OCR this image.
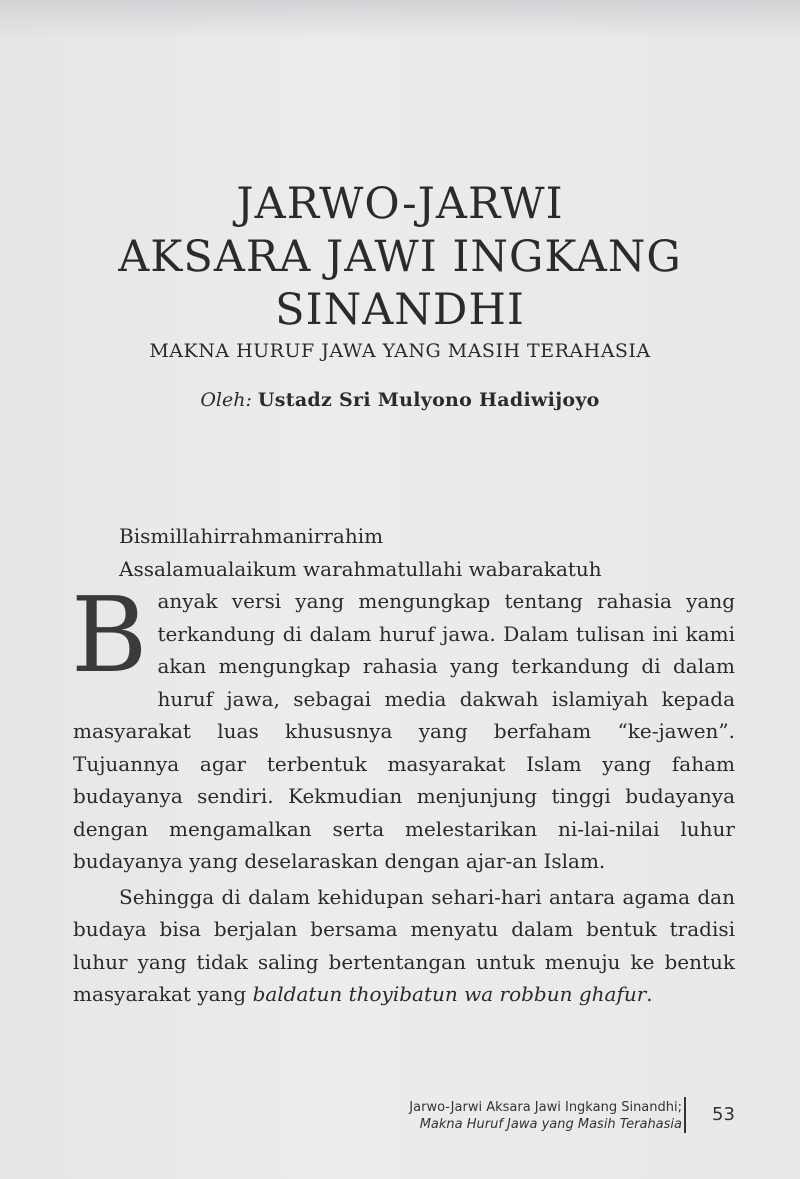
JARWO-JARWI

AKSARA JAWI INGKANG

SINANDHI

MAKNA HURUF JAWA YANG MASIH TERAHASIA
Oleh: Ustadz Sri Mulyono Hadiwijoyo

Bismillahirrahmanirrahim

Assalamualaikum warahmatullahi wabarakatuh

B anyak versi yang mengungkap tentang rahasia yang terkandung di dalam huruf jawa. Dalam tulisan ini kami akan mengungkap rahasia yang terkandung di dalam huruf jawa, sebagai media dakwah islamiyah kepada masyarakat luas khususnya yang berfaham “ke-jawen”. Tujuannya agar terbentuk masyarakat Islam yang faham budayanya sendiri. Kekmudian menjunjung tinggi budayanya dengan mengamalkan serta melestarikan ni-lai-nilai luhur budayanya yang deselaraskan dengan ajar-an Islam.

Sehingga di dalam kehidupan sehari-hari antara agama dan budaya bisa berjalan bersama menyatu dalam bentuk tradisi luhur yang tidak saling bertentangan untuk menuju ke bentuk masyarakat yang baldatun thoyibatun wa robbun ghafur.

Jarwo-Jarwi Aksara Jawi Ingkang Sinandhi;
Makna Huruf Jawa yang Masih Terahasia 53
